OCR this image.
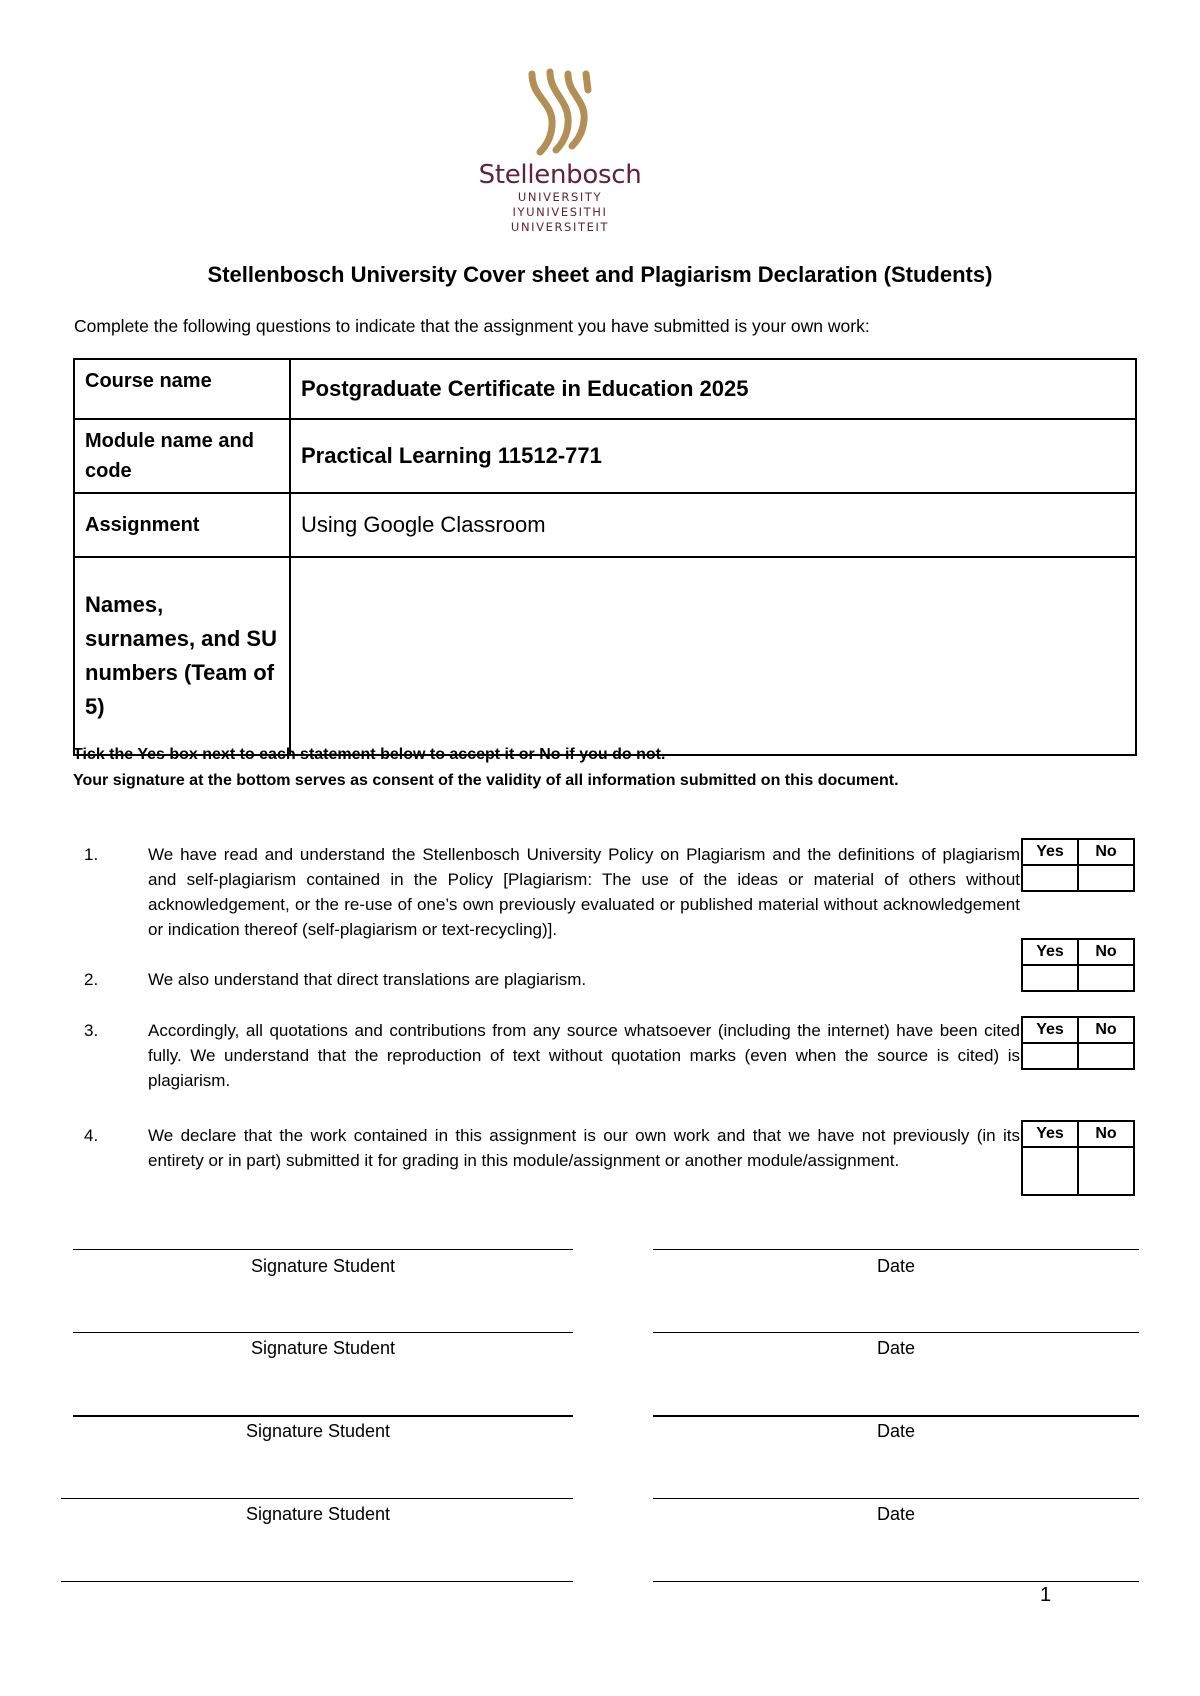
Stellenbosch
UNIVERSITY
IYUNIVESITHI
UNIVERSITEIT
Stellenbosch University Cover sheet and Plagiarism Declaration (Students)
Complete the following questions to indicate that the assignment you have submitted is your own work:
Course name	Postgraduate Certificate in Education 2025
Module name and code	Practical Learning 11512-771
Assignment	Using Google Classroom
Names, surnames, and SU numbers (Team of 5)	
Tick the Yes box next to each statement below to accept it or No if you do not.
Your signature at the bottom serves as consent of the validity of all information submitted on this document.
1.	We have read and understand the Stellenbosch University Policy on Plagiarism and the definitions of plagiarism and self-plagiarism contained in the Policy [Plagiarism: The use of the ideas or material of others without acknowledgement, or the re-use of one’s own previously evaluated or published material without acknowledgement or indication thereof (self-plagiarism or text-recycling)].
Yes	No

2.	We also understand that direct translations are plagiarism.
Yes	No

3.	Accordingly, all quotations and contributions from any source whatsoever (including the internet) have been cited fully. We understand that the reproduction of text without quotation marks (even when the source is cited) is plagiarism.
Yes	No

4.	We declare that the work contained in this assignment is our own work and that we have not previously (in its entirety or in part) submitted it for grading in this module/assignment or another module/assignment.
Yes	No

Signature Student	Date
Signature Student	Date
Signature Student	Date
Signature Student	Date
1
